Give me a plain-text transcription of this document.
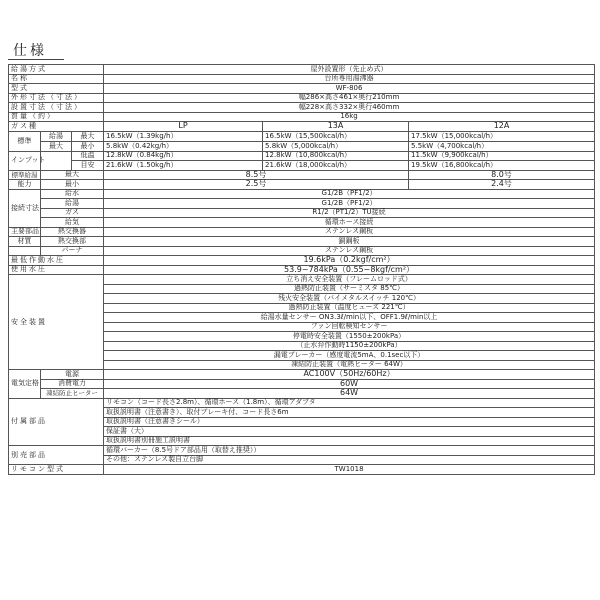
仕様
給湯方式			屋外設置形（先止め式）		
名称			台所専用湯沸器		
型式			WF-806		
外形寸法（寸法）			幅286×高さ461×奥行210mm		
設置寸法（寸法）			幅228×高さ332×奥行460mm		
質量（約）			16kg		
ガス種			LP	13A	12A
標準	給湯	最大	16.5kW（1.39kg/h）	16.5kW（15,500kcal/h）	17.5kW（15,000kcal/h）
	最大	最小	5.8kW（0.42kg/h）	5.8kW（5,000kcal/h）	5.5kW（4,700kcal/h）
インプット		低温	12.8kW（0.84kg/h）	12.8kW（10,800kcal/h）	11.5kW（9,900kcal/h）
		目安	21.6kW（1.50kg/h）	21.6kW（18,000kcal/h）	19.5kW（16,800kcal/h）
標準給湯	最大		8.5号		8.0号
能力	最小		2.5号		2.4号
接続寸法	給水		G1/2B（PF1/2）		
	給湯		G1/2B（PF1/2）		
	ガス		R1/2（PT1/2）TU接続		
	給気		循環ホース接続		
主要部品	熱交換器		ステンレス鋼板		
材質	熱交換部		銅鋼板		
	バーナ		ステンレス鋼板		
最低作動水圧			19.6kPa（0.2kgf/cm²）		
使用水圧			53.9~784kPa（0.55~8kgf/cm²）		
安全装置			立ち消え安全装置（フレームロッド式）		
			過熱防止装置（サーミスタ 85℃）		
			残火安全装置（バイメタルスイッチ 120℃）		
			過熱防止装置（温度ヒューズ 221℃）		
			給湯水量センサー ON3.3ℓ/min以下、OFF1.9ℓ/min以上		
			ファン回転検知センサー		
			停電時安全装置（1550±200kPa）		
			（止水弁作動時1150±200kPa）		
			漏電ブレーカー（感度電流5mA、0.1sec以下）		
			凍結防止装置（電熱ヒーター 64W）		
電気定格	電源		AC100V（50Hz/60Hz）		
	消費電力		60W		
	凍結防止ヒーター		64W		
付属部品			リモコン（コード長さ2.8m）、循環ホース（1.8m）、循環アダプタ		
			取扱説明書（注意書き）、取付ブレーキ付、コード長さ6m		
			取扱説明書（注意書きシール）		
			保証書（大）		
			取扱説明書別冊施工説明書		
別売部品			循環バーカー（8.5号ドア部品用（取替え推奨））		
			その他：ステンレス製自立台脚		
リモコン型式			TW1018		
